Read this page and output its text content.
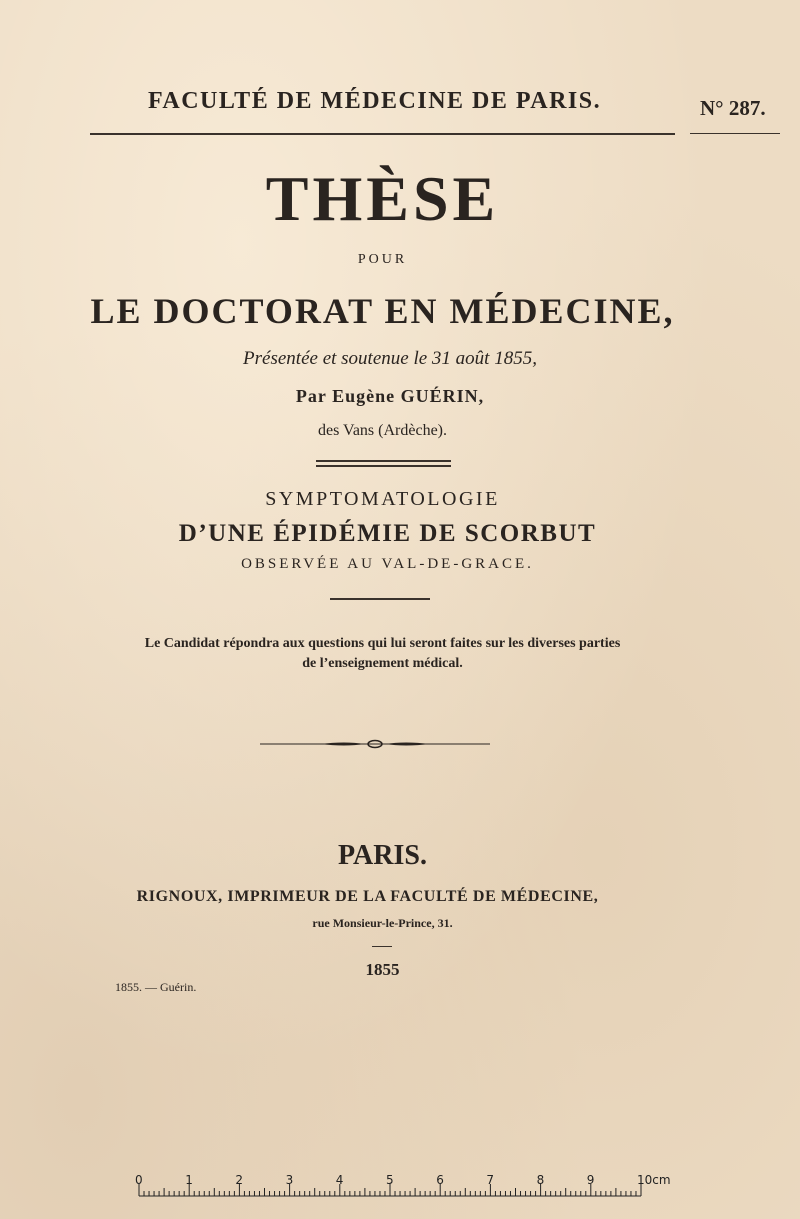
FACULTÉ DE MÉDECINE DE PARIS.	N° 287.
THÈSE
POUR
LE DOCTORAT EN MÉDECINE,
Présentée et soutenue le 31 août 1855,
Par Eugène GUÉRIN,
des Vans (Ardèche).
SYMPTOMATOLOGIE
D’UNE ÉPIDÉMIE DE SCORBUT
OBSERVÉE AU VAL-DE-GRACE.
Le Candidat répondra aux questions qui lui seront faites sur les diverses parties
de l’enseignement médical.
PARIS.
RIGNOUX, IMPRIMEUR DE LA FACULTÉ DE MÉDECINE,
rue Monsieur-le-Prince, 31.
1855
1855. — Guérin.
0	1	2	3	4	5	6	7	8	9	10cm
